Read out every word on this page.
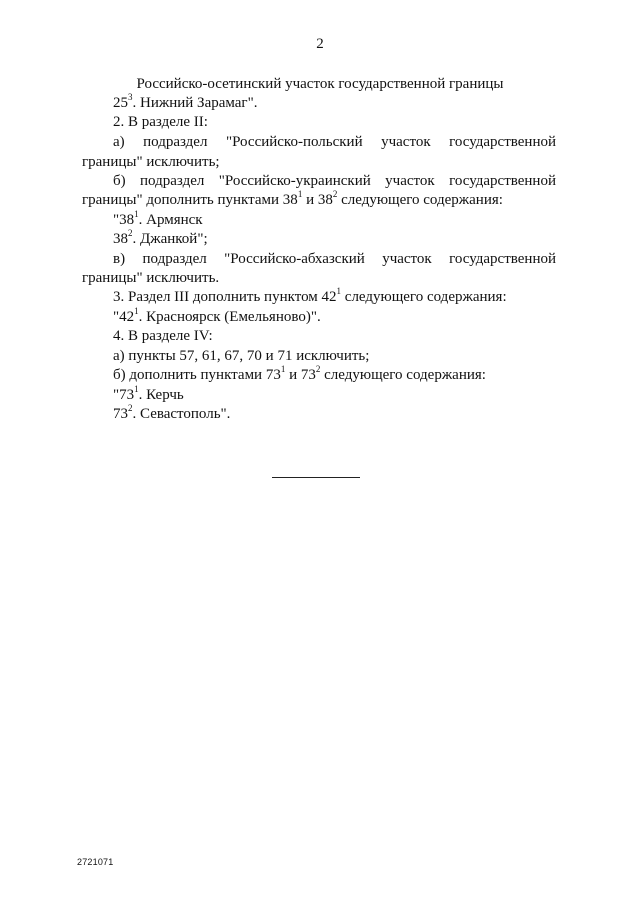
2
Российско-осетинский участок государственной границы
$25^3$. Нижний Зарамаг".
2. В разделе II:
а) подраздел "Российско-польский участок государственной
границы" исключить;
б) подраздел "Российско-украинский участок государственной
границы" дополнить пунктами $38^1$ и $38^2$ следующего содержания:
"$38^1$. Армянск
$38^2$. Джанкой";
в) подраздел "Российско-абхазский участок государственной
границы" исключить.
3. Раздел III дополнить пунктом $42^1$ следующего содержания:
"$42^1$. Красноярск (Емельяново)".
4. В разделе IV:
а) пункты 57, 61, 67, 70 и 71 исключить;
б) дополнить пунктами $73^1$ и $73^2$ следующего содержания:
"$73^1$. Керчь
$73^2$. Севастополь".
2721071
